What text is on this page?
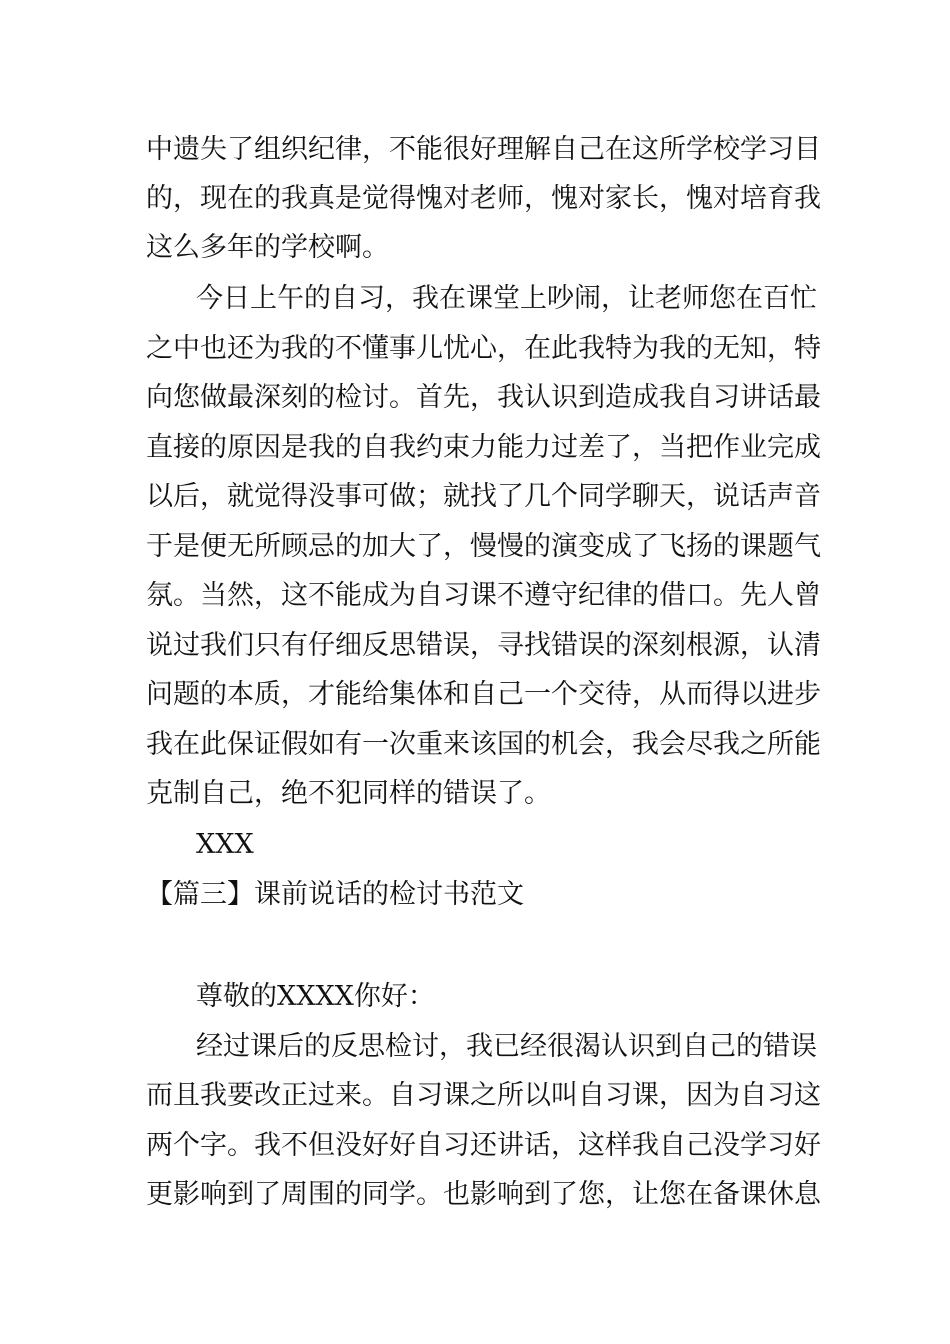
中遗失了组织纪律，不能很好理解自己在这所学校学习目
的，现在的我真是觉得愧对老师，愧对家长，愧对培育我
这么多年的学校啊。
今日上午的自习，我在课堂上吵闹，让老师您在百忙
之中也还为我的不懂事儿忧心，在此我特为我的无知，特
向您做最深刻的检讨。首先，我认识到造成我自习讲话最
直接的原因是我的自我约束力能力过差了，当把作业完成
以后，就觉得没事可做；就找了几个同学聊天，说话声音
于是便无所顾忌的加大了，慢慢的演变成了飞扬的课题气
氛。当然，这不能成为自习课不遵守纪律的借口。先人曾
说过我们只有仔细反思错误，寻找错误的深刻根源，认清
问题的本质，才能给集体和自己一个交待，从而得以进步
我在此保证假如有一次重来该国的机会，我会尽我之所能
克制自己，绝不犯同样的错误了。
XXX
【篇三】课前说话的检讨书范文
尊敬的XXXX你好：
经过课后的反思检讨，我已经很渴认识到自己的错误
而且我要改正过来。自习课之所以叫自习课，因为自习这
两个字。我不但没好好自习还讲话，这样我自己没学习好
更影响到了周围的同学。也影响到了您，让您在备课休息
